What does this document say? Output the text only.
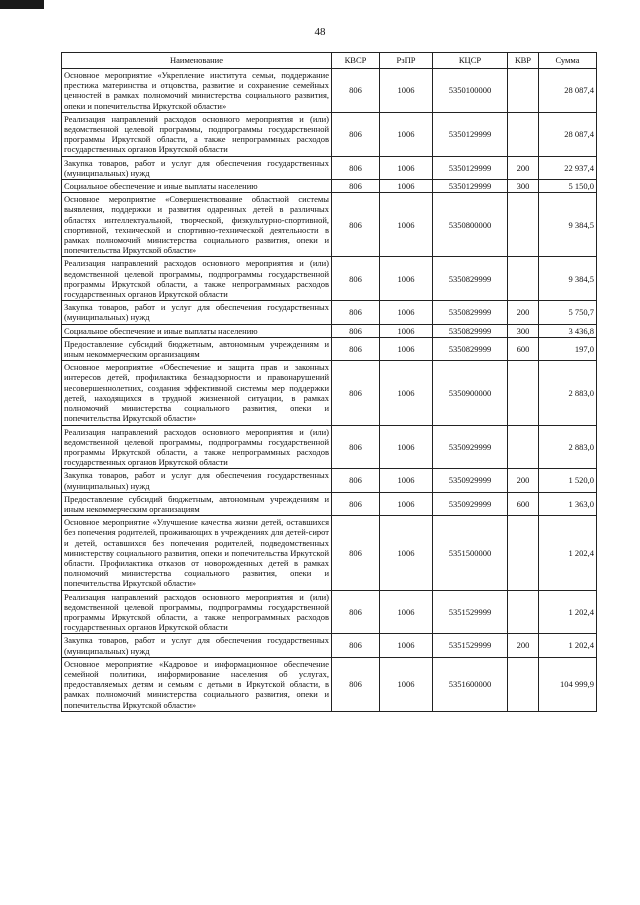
48
Наименование	КВСР	РзПР	КЦСР	КВР	Сумма
Основное мероприятие «Укрепление института семьи, поддержание престижа материнства и отцовства, развитие и сохранение семейных ценностей в рамках полномочий министерства социального развития, опеки и попечительства Иркутской области»	806	1006	5350100000		28 087,4
Реализация направлений расходов основного мероприятия и (или) ведомственной целевой программы, подпрограммы государственной программы Иркутской области, а также непрограммных расходов государственных органов Иркутской области	806	1006	5350129999		28 087,4
Закупка товаров, работ и услуг для обеспечения государственных (муниципальных) нужд	806	1006	5350129999	200	22 937,4
Социальное обеспечение и иные выплаты населению	806	1006	5350129999	300	5 150,0
Основное мероприятие «Совершенствование областной системы выявления, поддержки и развития одаренных детей в различных областях интеллектуальной, творческой, физкультурно-спортивной, спортивной, технической и спортивно-технической деятельности в рамках полномочий министерства социального развития, опеки и попечительства Иркутской области»	806	1006	5350800000		9 384,5
Реализация направлений расходов основного мероприятия и (или) ведомственной целевой программы, подпрограммы государственной программы Иркутской области, а также непрограммных расходов государственных органов Иркутской области	806	1006	5350829999		9 384,5
Закупка товаров, работ и услуг для обеспечения государственных (муниципальных) нужд	806	1006	5350829999	200	5 750,7
Социальное обеспечение и иные выплаты населению	806	1006	5350829999	300	3 436,8
Предоставление субсидий бюджетным, автономным учреждениям и иным некоммерческим организациям	806	1006	5350829999	600	197,0
Основное мероприятие «Обеспечение и защита прав и законных интересов детей, профилактика безнадзорности и правонарушений несовершеннолетних, создания эффективной системы мер поддержки детей, находящихся в трудной жизненной ситуации, в рамках полномочий министерства социального развития, опеки и попечительства Иркутской области»	806	1006	5350900000		2 883,0
Реализация направлений расходов основного мероприятия и (или) ведомственной целевой программы, подпрограммы государственной программы Иркутской области, а также непрограммных расходов государственных органов Иркутской области	806	1006	5350929999		2 883,0
Закупка товаров, работ и услуг для обеспечения государственных (муниципальных) нужд	806	1006	5350929999	200	1 520,0
Предоставление субсидий бюджетным, автономным учреждениям и иным некоммерческим организациям	806	1006	5350929999	600	1 363,0
Основное мероприятие «Улучшение качества жизни детей, оставшихся без попечения родителей, проживающих в учреждениях для детей-сирот и детей, оставшихся без попечения родителей, подведомственных министерству социального развития, опеки и попечительства Иркутской области. Профилактика отказов от новорожденных детей в рамках полномочий министерства социального развития, опеки и попечительства Иркутской области»	806	1006	5351500000		1 202,4
Реализация направлений расходов основного мероприятия и (или) ведомственной целевой программы, подпрограммы государственной программы Иркутской области, а также непрограммных расходов государственных органов Иркутской области	806	1006	5351529999		1 202,4
Закупка товаров, работ и услуг для обеспечения государственных (муниципальных) нужд	806	1006	5351529999	200	1 202,4
Основное мероприятие «Кадровое и информационное обеспечение семейной политики, информирование населения об услугах, предоставляемых детям и семьям с детьми в Иркутской области, в рамках полномочий министерства социального развития, опеки и попечительства Иркутской области»	806	1006	5351600000		104 999,9
